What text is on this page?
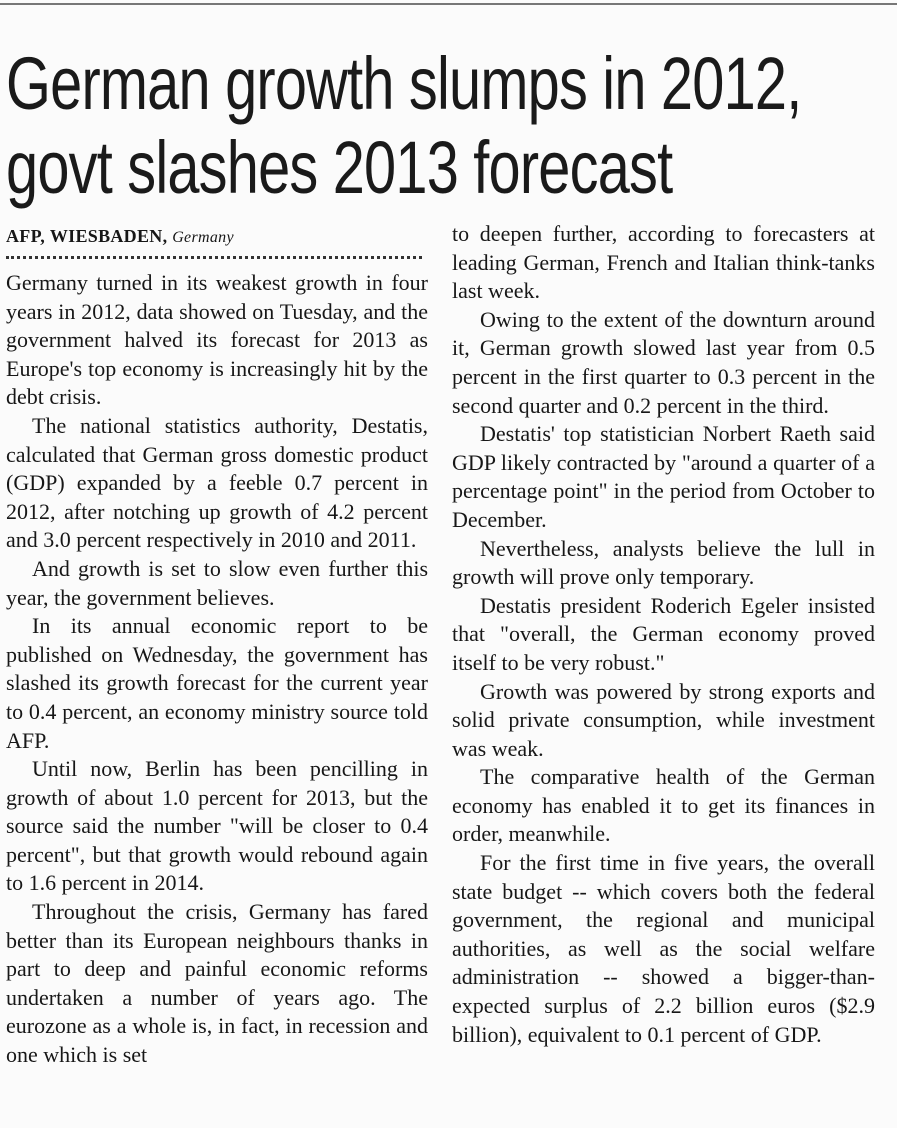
German growth slumps in 2012,
govt slashes 2013 forecast
AFP, WIESBADEN, Germany

Germany turned in its weakest growth in four years in 2012, data showed on Tuesday, and the government halved its forecast for 2013 as Europe's top economy is increasingly hit by the debt crisis.

The national statistics authority, Destatis, calculated that German gross domestic product (GDP) expanded by a feeble 0.7 percent in 2012, after notching up growth of 4.2 percent and 3.0 percent respectively in 2010 and 2011.

And growth is set to slow even further this year, the government believes.

In its annual economic report to be published on Wednesday, the government has slashed its growth forecast for the current year to 0.4 percent, an economy ministry source told AFP.

Until now, Berlin has been pencilling in growth of about 1.0 percent for 2013, but the source said the number "will be closer to 0.4 percent", but that growth would rebound again to 1.6 percent in 2014.

Throughout the crisis, Germany has fared better than its European neighbours thanks in part to deep and painful economic reforms undertaken a number of years ago. The eurozone as a whole is, in fact, in recession and one which is set

to deepen further, according to forecasters at leading German, French and Italian think-tanks last week.

Owing to the extent of the downturn around it, German growth slowed last year from 0.5 percent in the first quarter to 0.3 percent in the second quarter and 0.2 percent in the third.

Destatis' top statistician Norbert Raeth said GDP likely contracted by "around a quarter of a percentage point" in the period from October to December.

Nevertheless, analysts believe the lull in growth will prove only temporary.

Destatis president Roderich Egeler insisted that "overall, the German economy proved itself to be very robust."

Growth was powered by strong exports and solid private consumption, while investment was weak.

The comparative health of the German economy has enabled it to get its finances in order, meanwhile.

For the first time in five years, the overall state budget -- which covers both the federal government, the regional and municipal authorities, as well as the social welfare administration -- showed a bigger-than-expected surplus of 2.2 billion euros ($2.9 billion), equivalent to 0.1 percent of GDP.
